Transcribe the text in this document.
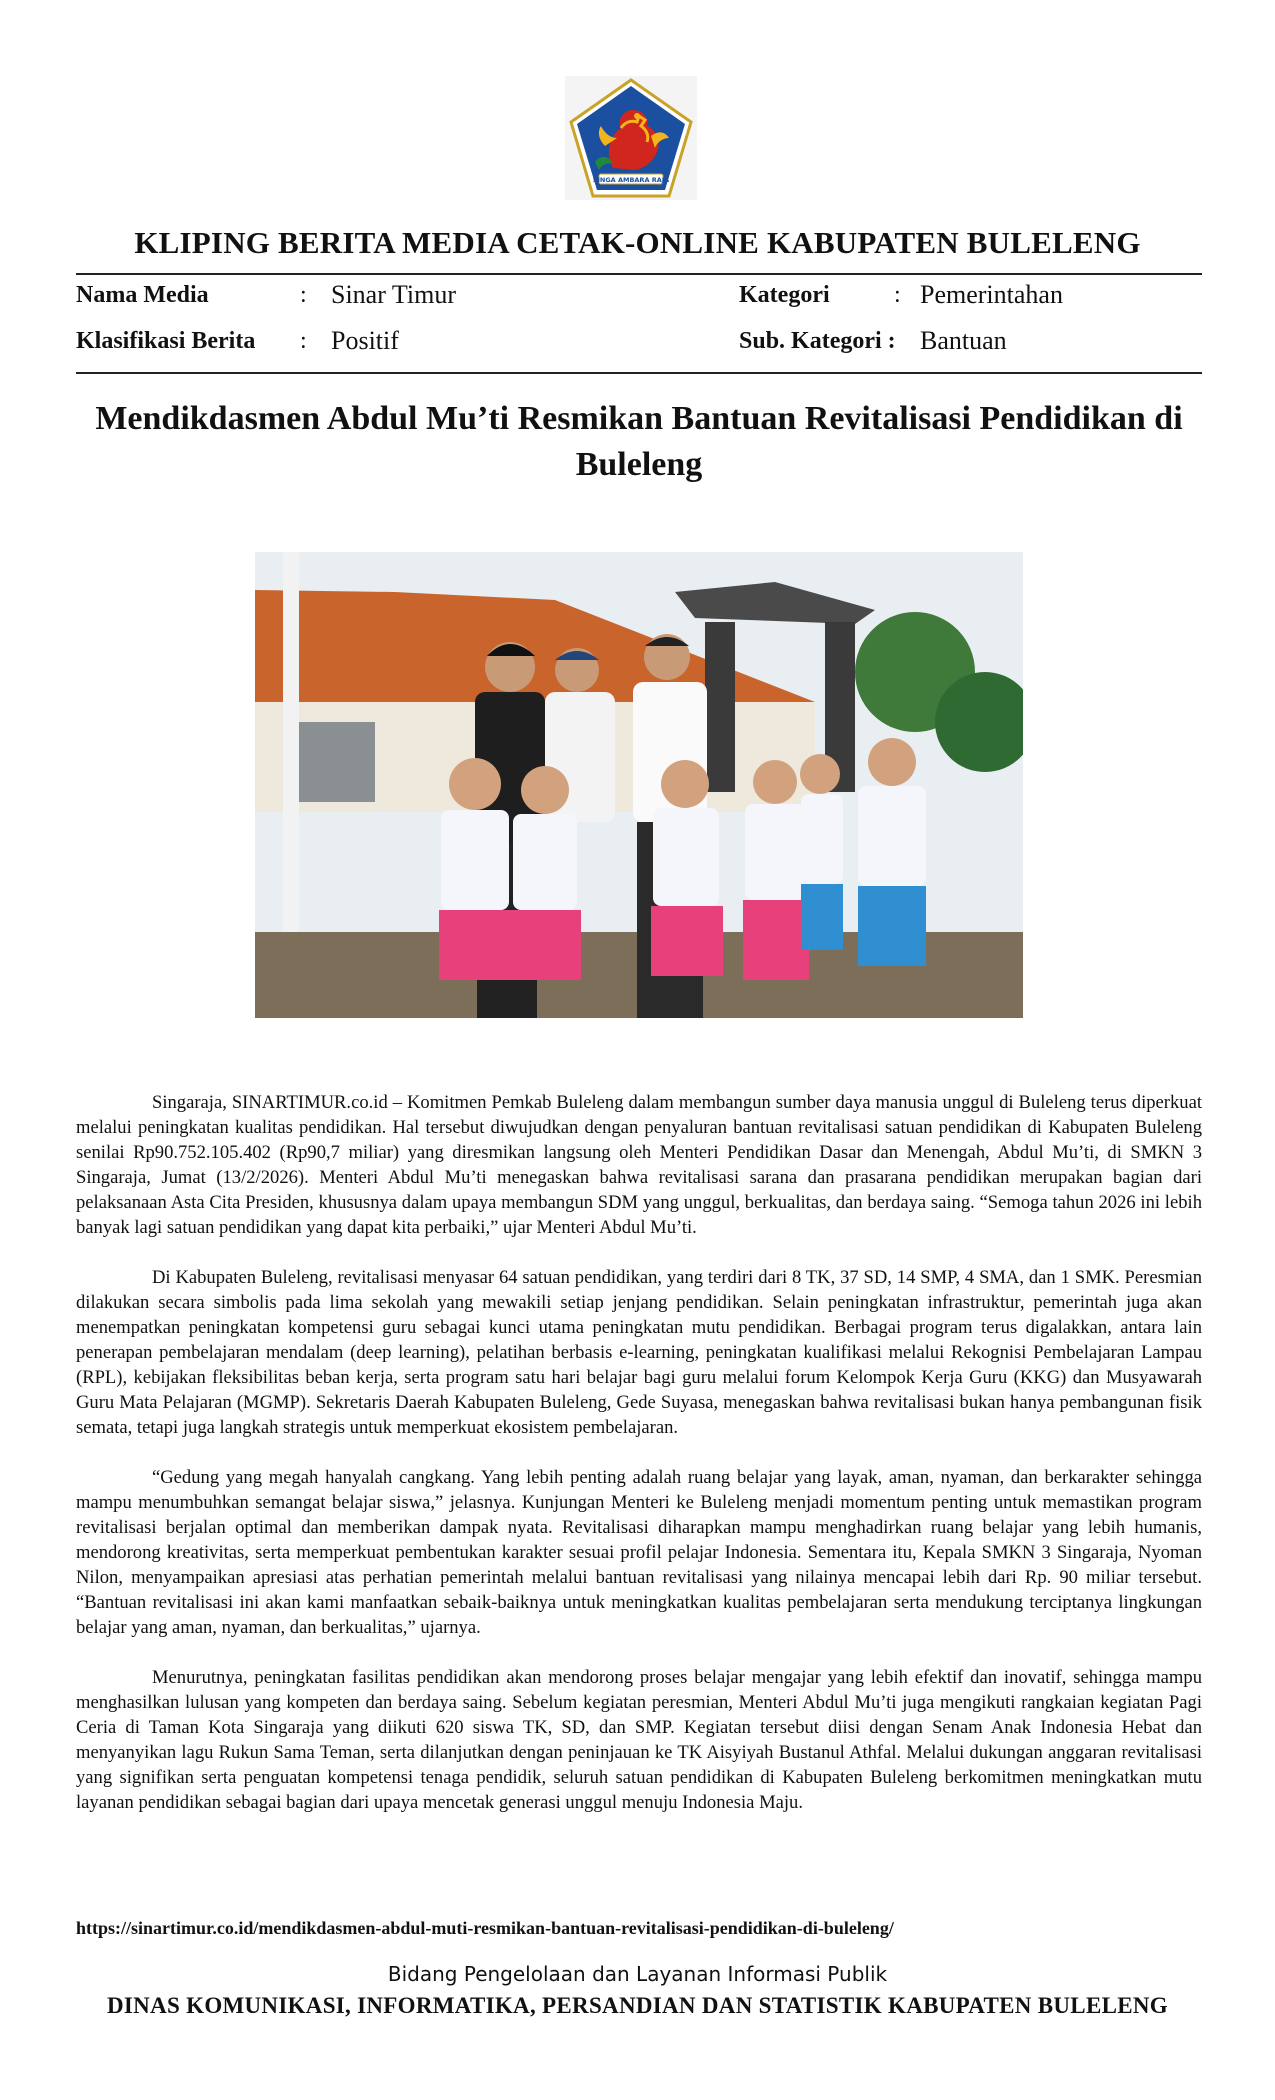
SINGA AMBARA RAJA
KLIPING BERITA MEDIA CETAK-ONLINE KABUPATEN BULELENG
Nama Media	: Sinar Timur	Kategori	: Pemerintahan
Klasifikasi Berita : Positif	Sub. Kategori : Bantuan
Mendikdasmen Abdul Mu’ti Resmikan Bantuan Revitalisasi Pendidikan di Buleleng

Singaraja, SINARTIMUR.co.id – Komitmen Pemkab Buleleng dalam membangun sumber daya manusia unggul di Buleleng terus diperkuat melalui peningkatan kualitas pendidikan. Hal tersebut diwujudkan dengan penyaluran bantuan revitalisasi satuan pendidikan di Kabupaten Buleleng senilai Rp90.752.105.402 (Rp90,7 miliar) yang diresmikan langsung oleh Menteri Pendidikan Dasar dan Menengah, Abdul Mu’ti, di SMKN 3 Singaraja, Jumat (13/2/2026). Menteri Abdul Mu’ti menegaskan bahwa revitalisasi sarana dan prasarana pendidikan merupakan bagian dari pelaksanaan Asta Cita Presiden, khususnya dalam upaya membangun SDM yang unggul, berkualitas, dan berdaya saing. “Semoga tahun 2026 ini lebih banyak lagi satuan pendidikan yang dapat kita perbaiki,” ujar Menteri Abdul Mu’ti.

Di Kabupaten Buleleng, revitalisasi menyasar 64 satuan pendidikan, yang terdiri dari 8 TK, 37 SD, 14 SMP, 4 SMA, dan 1 SMK. Peresmian dilakukan secara simbolis pada lima sekolah yang mewakili setiap jenjang pendidikan. Selain peningkatan infrastruktur, pemerintah juga akan menempatkan peningkatan kompetensi guru sebagai kunci utama peningkatan mutu pendidikan. Berbagai program terus digalakkan, antara lain penerapan pembelajaran mendalam (deep learning), pelatihan berbasis e-learning, peningkatan kualifikasi melalui Rekognisi Pembelajaran Lampau (RPL), kebijakan fleksibilitas beban kerja, serta program satu hari belajar bagi guru melalui forum Kelompok Kerja Guru (KKG) dan Musyawarah Guru Mata Pelajaran (MGMP). Sekretaris Daerah Kabupaten Buleleng, Gede Suyasa, menegaskan bahwa revitalisasi bukan hanya pembangunan fisik semata, tetapi juga langkah strategis untuk memperkuat ekosistem pembelajaran.

“Gedung yang megah hanyalah cangkang. Yang lebih penting adalah ruang belajar yang layak, aman, nyaman, dan berkarakter sehingga mampu menumbuhkan semangat belajar siswa,” jelasnya. Kunjungan Menteri ke Buleleng menjadi momentum penting untuk memastikan program revitalisasi berjalan optimal dan memberikan dampak nyata. Revitalisasi diharapkan mampu menghadirkan ruang belajar yang lebih humanis, mendorong kreativitas, serta memperkuat pembentukan karakter sesuai profil pelajar Indonesia. Sementara itu, Kepala SMKN 3 Singaraja, Nyoman Nilon, menyampaikan apresiasi atas perhatian pemerintah melalui bantuan revitalisasi yang nilainya mencapai lebih dari Rp. 90 miliar tersebut. “Bantuan revitalisasi ini akan kami manfaatkan sebaik-baiknya untuk meningkatkan kualitas pembelajaran serta mendukung terciptanya lingkungan belajar yang aman, nyaman, dan berkualitas,” ujarnya.

Menurutnya, peningkatan fasilitas pendidikan akan mendorong proses belajar mengajar yang lebih efektif dan inovatif, sehingga mampu menghasilkan lulusan yang kompeten dan berdaya saing. Sebelum kegiatan peresmian, Menteri Abdul Mu’ti juga mengikuti rangkaian kegiatan Pagi Ceria di Taman Kota Singaraja yang diikuti 620 siswa TK, SD, dan SMP. Kegiatan tersebut diisi dengan Senam Anak Indonesia Hebat dan menyanyikan lagu Rukun Sama Teman, serta dilanjutkan dengan peninjauan ke TK Aisyiyah Bustanul Athfal. Melalui dukungan anggaran revitalisasi yang signifikan serta penguatan kompetensi tenaga pendidik, seluruh satuan pendidikan di Kabupaten Buleleng berkomitmen meningkatkan mutu layanan pendidikan sebagai bagian dari upaya mencetak generasi unggul menuju Indonesia Maju.

https://sinartimur.co.id/mendikdasmen-abdul-muti-resmikan-bantuan-revitalisasi-pendidikan-di-buleleng/
Bidang Pengelolaan dan Layanan Informasi Publik
DINAS KOMUNIKASI, INFORMATIKA, PERSANDIAN DAN STATISTIK KABUPATEN BULELENG
